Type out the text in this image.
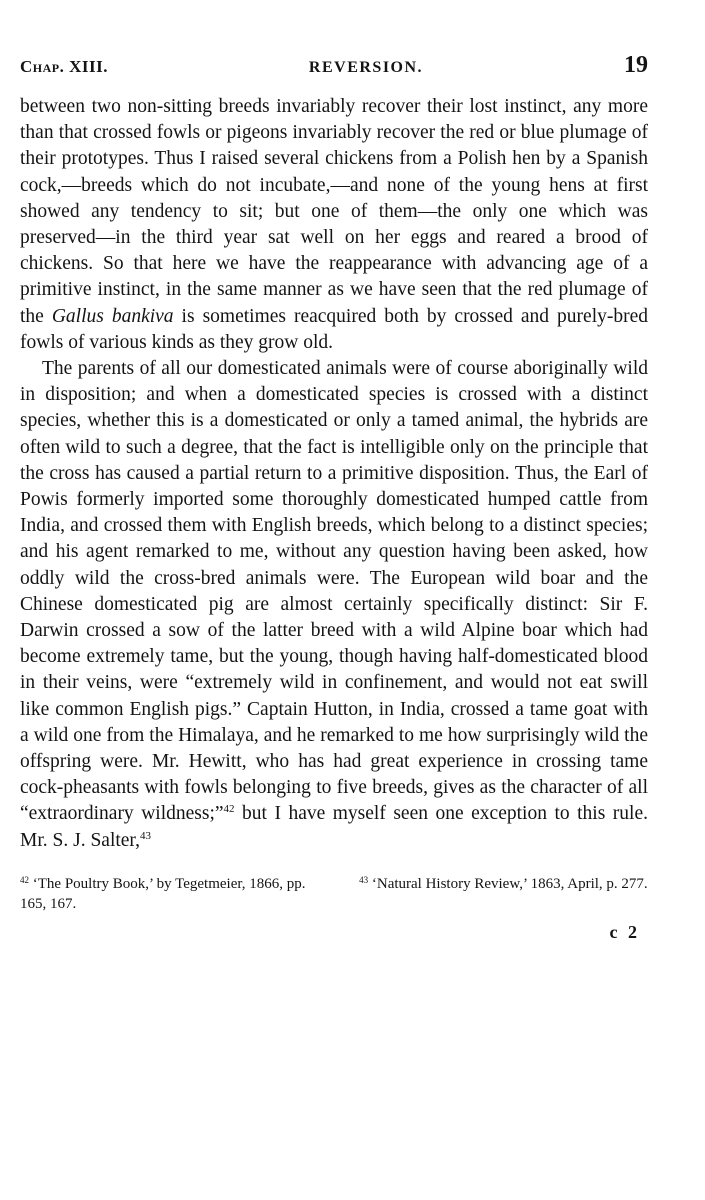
Chap. XIII.	REVERSION.	19

between two non-sitting breeds invariably recover their lost instinct, any more than that crossed fowls or pigeons invariably recover the red or blue plumage of their prototypes. Thus I raised several chickens from a Polish hen by a Spanish cock,—breeds which do not incubate,—and none of the young hens at first showed any tendency to sit; but one of them—the only one which was preserved—in the third year sat well on her eggs and reared a brood of chickens. So that here we have the reappearance with advancing age of a primitive instinct, in the same manner as we have seen that the red plumage of the Gallus bankiva is sometimes reacquired both by crossed and purely-bred fowls of various kinds as they grow old.

The parents of all our domesticated animals were of course aboriginally wild in disposition; and when a domesticated species is crossed with a distinct species, whether this is a domesticated or only a tamed animal, the hybrids are often wild to such a degree, that the fact is intelligible only on the principle that the cross has caused a partial return to a primitive disposition. Thus, the Earl of Powis formerly imported some thoroughly domesticated humped cattle from India, and crossed them with English breeds, which belong to a distinct species; and his agent remarked to me, without any question having been asked, how oddly wild the cross-bred animals were. The European wild boar and the Chinese domesticated pig are almost certainly specifically distinct: Sir F. Darwin crossed a sow of the latter breed with a wild Alpine boar which had become extremely tame, but the young, though having half-domesticated blood in their veins, were “extremely wild in confinement, and would not eat swill like common English pigs.” Captain Hutton, in India, crossed a tame goat with a wild one from the Himalaya, and he remarked to me how surprisingly wild the offspring were. Mr. Hewitt, who has had great experience in crossing tame cock-pheasants with fowls belonging to five breeds, gives as the character of all “extraordinary wildness;”$^{42}$ but I have myself seen one exception to this rule. Mr. S. J. Salter,$^{43}$

$^{42}$ ‘The Poultry Book,’ by Tegetmeier, 1866, pp. 165, 167.
$^{43}$ ‘Natural History Review,’ 1863, April, p. 277.
c 2
